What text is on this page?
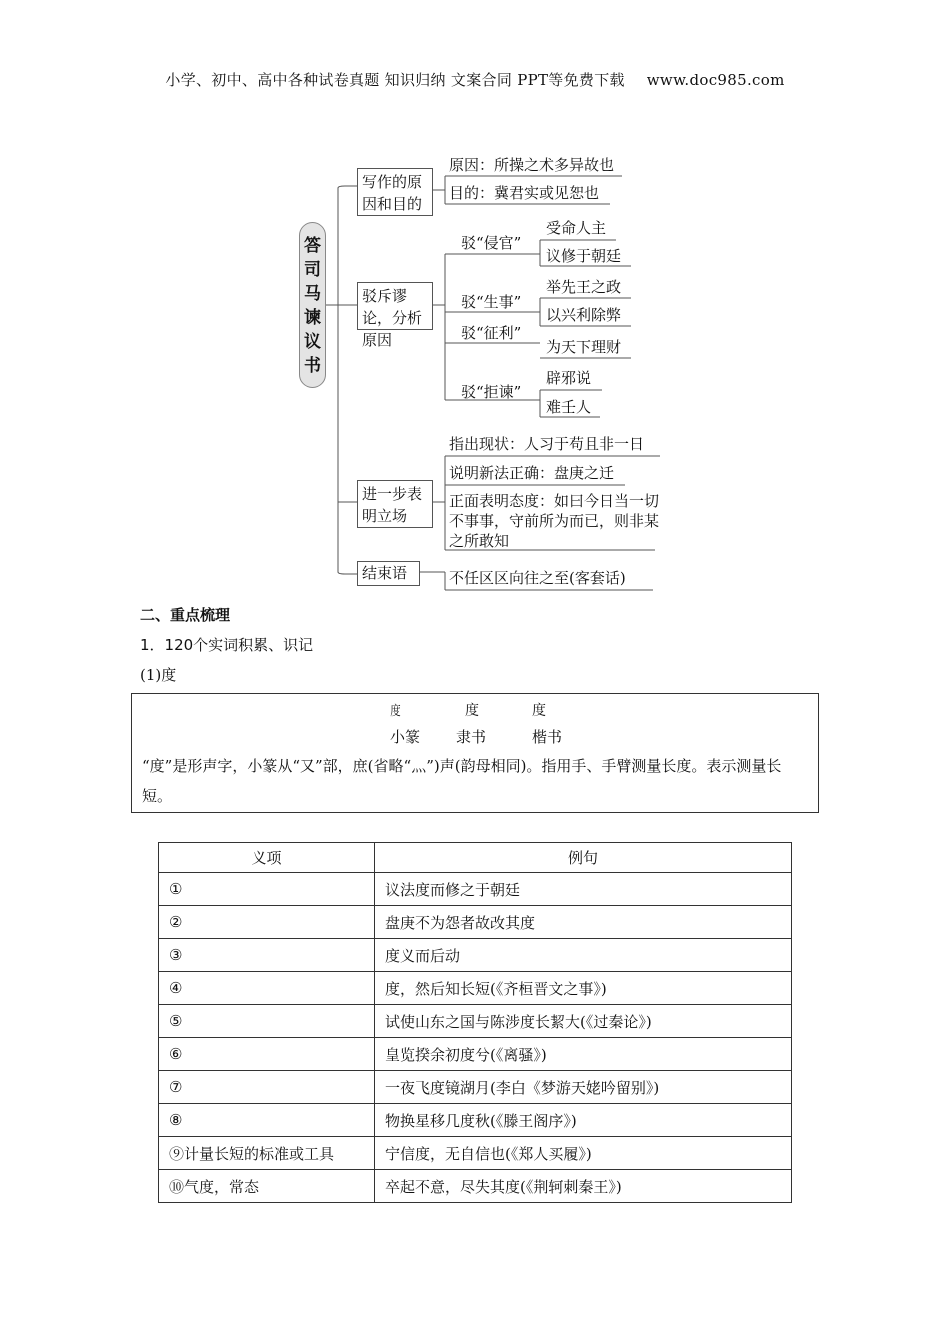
小学、初中、高中各种试卷真题 知识归纳 文案合同 PPT等免费下载 www.doc985.com
答
司
马
谏
议
书
写作的原因和目的
驳斥谬论，分析原因
进一步表明立场
结束语
原因：所操之术多异故也
目的：冀君实或见恕也
驳“侵官”
受命人主
议修于朝廷
驳“生事”
举先王之政
以兴利除弊
驳“征利”
为天下理财
驳“拒谏”
辟邪说
难壬人
指出现状：人习于苟且非一日
说明新法正确：盘庚之迁
正面表明态度：如曰今日当一切不事事，守前所为而已，则非某之所敢知
不任区区向往之至(客套话)
二、重点梳理
1．120个实词积累、识记
(1)度
度	度	度
小篆 隶书	楷书
“度”是形声字，小篆从“又”部，庶(省略“灬”)声(韵母相同)。指用手、手臂测量长度。表示测量长短。
义项	例句
①	议法度而修之于朝廷
②	盘庚不为怨者故改其度
③	度义而后动
④	度，然后知长短(《齐桓晋文之事》)
⑤	试使山东之国与陈涉度长絜大(《过秦论》)
⑥	皇览揆余初度兮(《离骚》)
⑦	一夜飞度镜湖月(李白《梦游天姥吟留别》)
⑧	物换星移几度秋(《滕王阁序》)
⑨计量长短的标准或工具	宁信度，无自信也(《郑人买履》)
⑩气度，常态	卒起不意，尽失其度(《荆轲刺秦王》)
